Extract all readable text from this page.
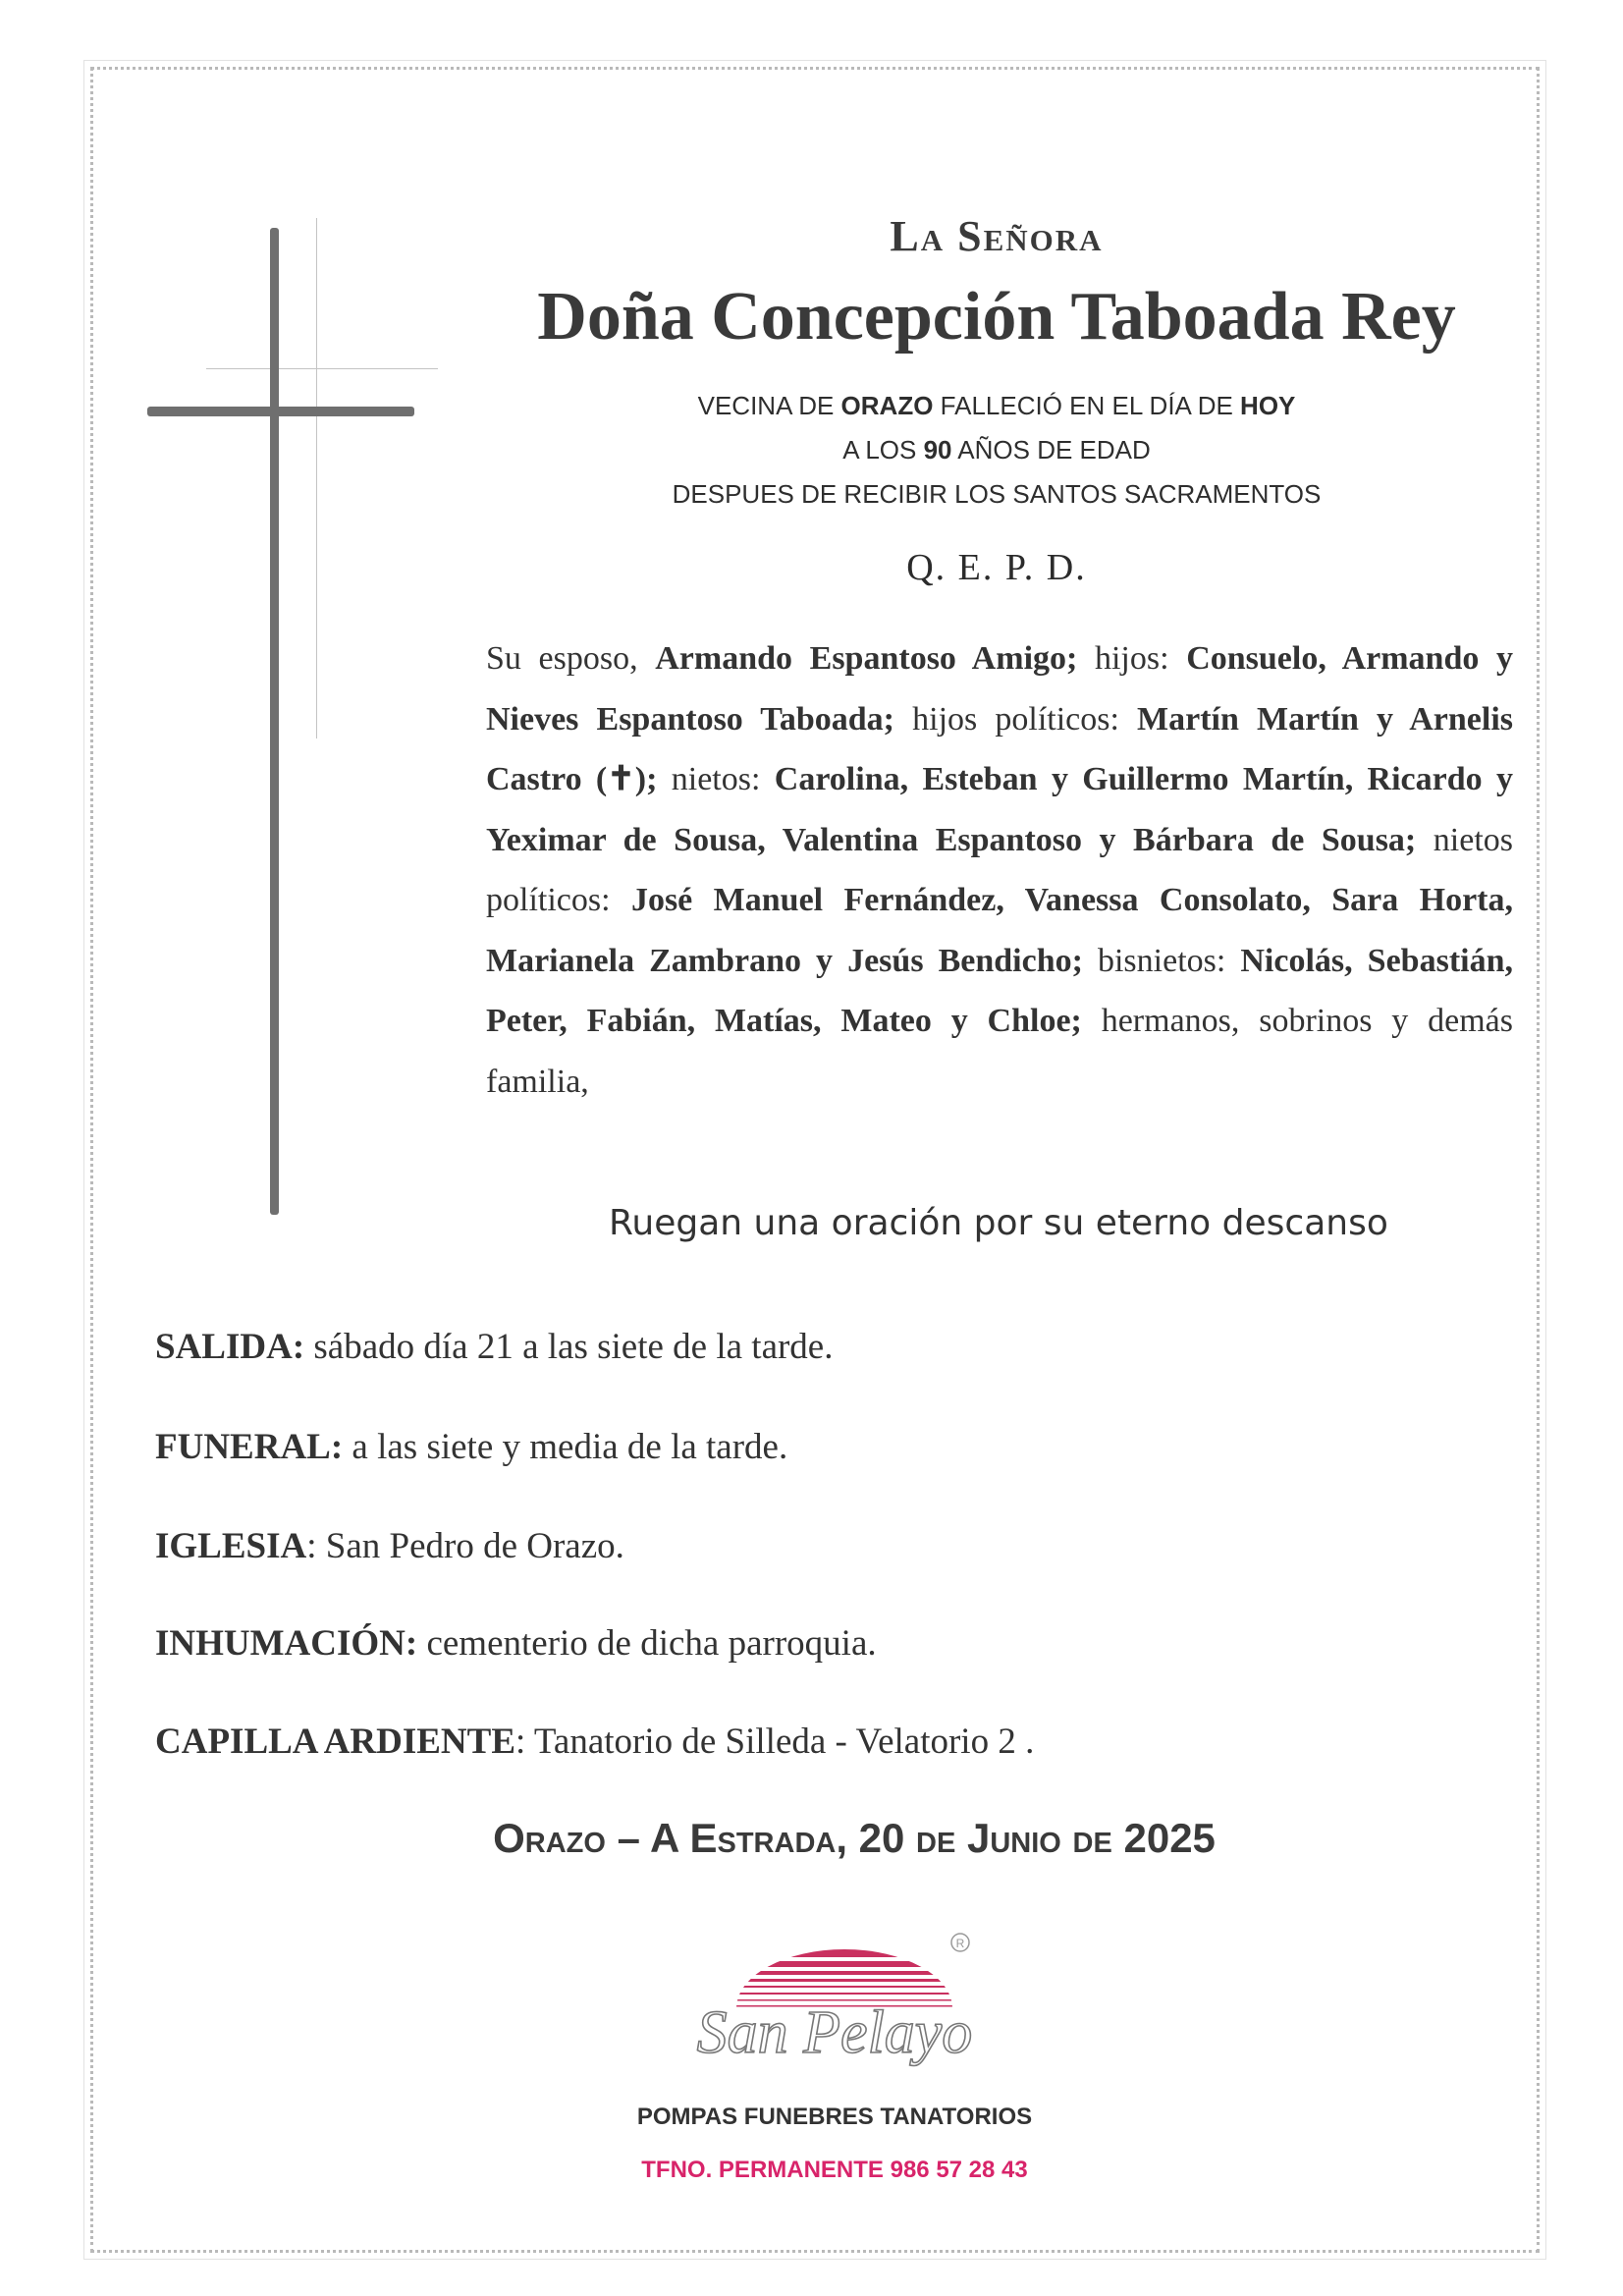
La Señora
Doña Concepción Taboada Rey
VECINA DE ORAZO FALLECIÓ EN EL DÍA DE HOY
A LOS 90 AÑOS DE EDAD
DESPUES DE RECIBIR LOS SANTOS SACRAMENTOS
Q. E. P. D.
Su esposo, Armando Espantoso Amigo; hijos: Consuelo, Armando y Nieves Espantoso Taboada; hijos políticos: Martín Martín y Arnelis Castro (✝); nietos: Carolina, Esteban y Guillermo Martín, Ricardo y Yeximar de Sousa, Valentina Espantoso y Bárbara de Sousa; nietos políticos: José Manuel Fernández, Vanessa Consolato, Sara Horta, Marianela Zambrano y Jesús Bendicho; bisnietos: Nicolás, Sebastián, Peter, Fabián, Matías, Mateo y Chloe; hermanos, sobrinos y demás familia,
Ruegan una oración por su eterno descanso
SALIDA: sábado día 21 a las siete de la tarde.
FUNERAL: a las siete y media de la tarde.
IGLESIA: San Pedro de Orazo.
INHUMACIÓN: cementerio de dicha parroquia.
CAPILLA ARDIENTE: Tanatorio de Silleda - Velatorio 2 .
Orazo – A Estrada, 20 de Junio de 2025
R
San Pelayo
POMPAS FUNEBRES TANATORIOS
TFNO. PERMANENTE 986 57 28 43
